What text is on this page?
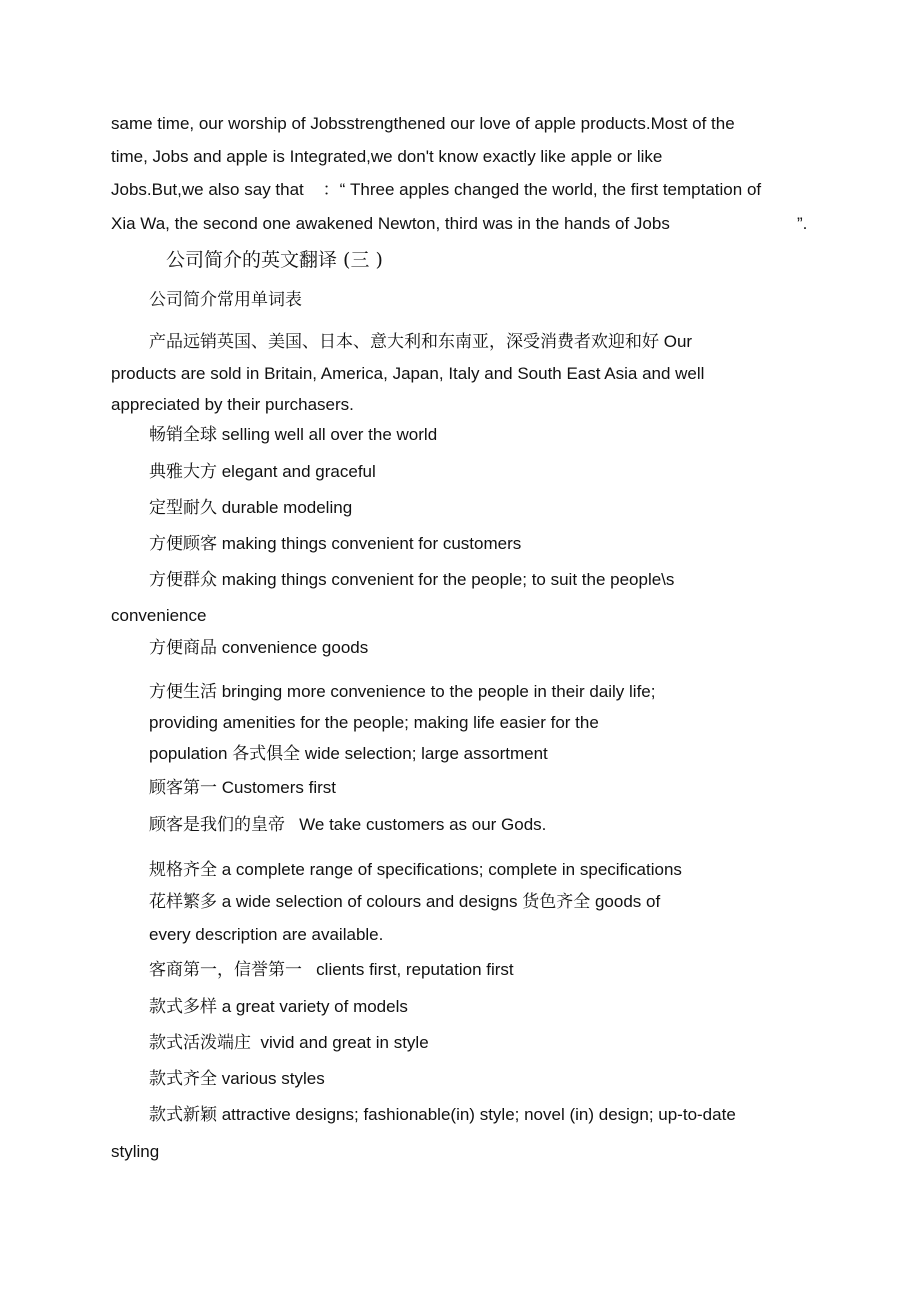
same time, our worship of Jobsstrengthened our love of apple products.Most of the
time, Jobs and apple is Integrated,we don't know exactly like apple or like
Jobs.But,we also say that    ：“ Three apples changed the world, the first temptation of
Xia Wa, the second one awakened Newton, third was in the hands of Jobs	”.
公司简介的英文翻译 (三 )
公司简介常用单词表
产品远销英国、美国、日本、意大利和东南亚，深受消费者欢迎和好 Our
products are sold in Britain, America, Japan, Italy and South East Asia and well
appreciated by their purchasers.
畅销全球 selling well all over the world
典雅大方 elegant and graceful
定型耐久 durable modeling
方便顾客 making things convenient for customers
方便群众 making things convenient for the people; to suit the people\s
convenience
方便商品 convenience goods
方便生活 bringing more convenience to the people in their daily life;
providing amenities for the people; making life easier for the
population 各式俱全 wide selection; large assortment
顾客第一 Customers first
顾客是我们的皇帝   We take customers as our Gods.
规格齐全 a complete range of specifications; complete in specifications
花样繁多 a wide selection of colours and designs 货色齐全 goods of
every description are available.
客商第一，信誉第一   clients first, reputation first
款式多样 a great variety of models
款式活泼端庄  vivid and great in style
款式齐全 various styles
款式新颖 attractive designs; fashionable(in) style; novel (in) design; up-to-date
styling
